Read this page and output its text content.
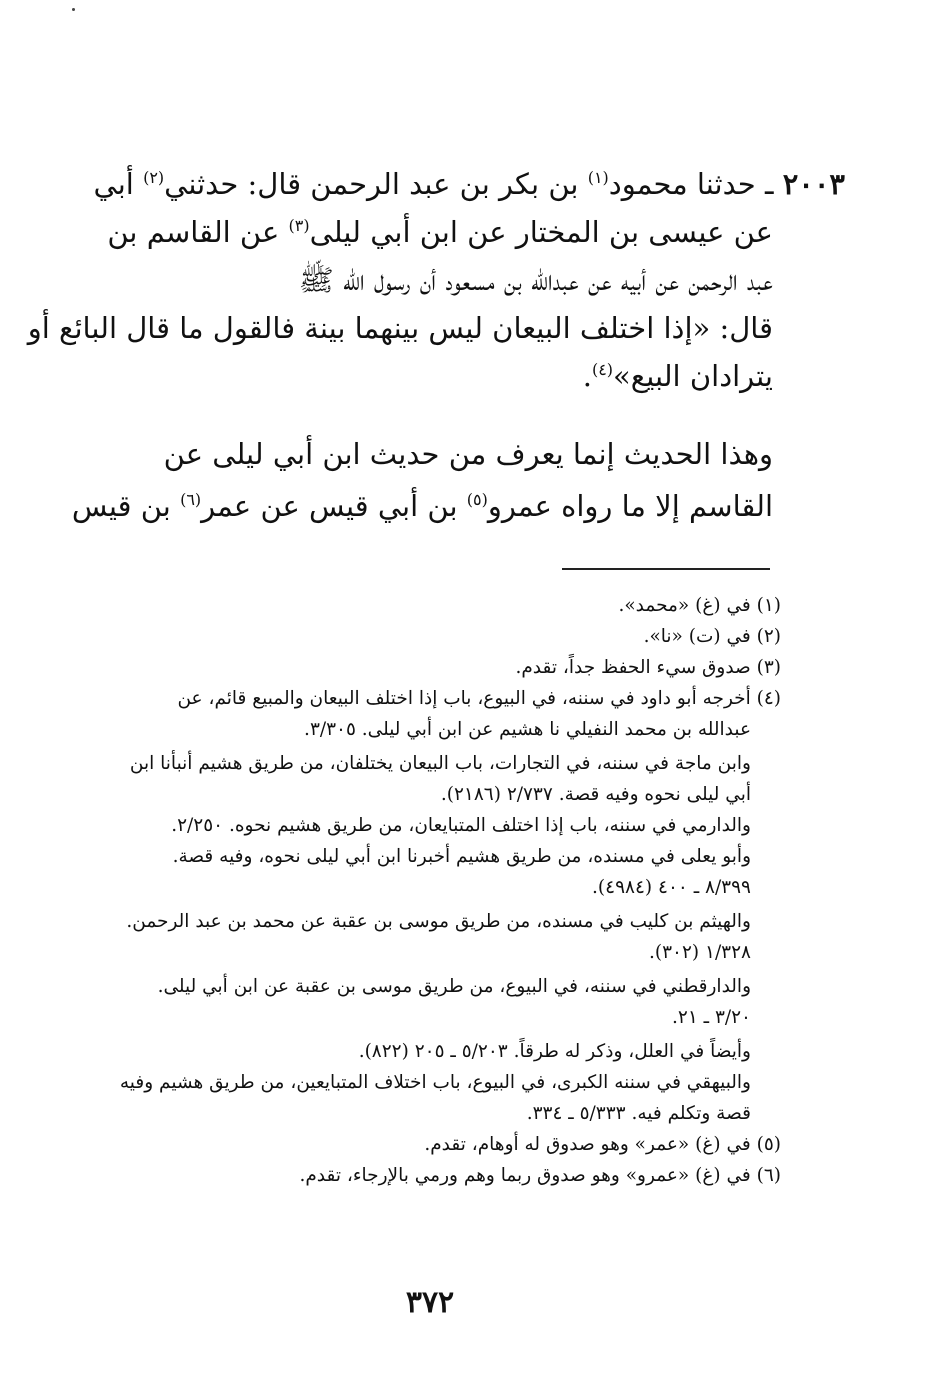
٢٠٠٣ ـ حدثنا محمود$^{(١)}$ بن بكر بن عبد الرحمن قال: حدثني$^{(٢)}$ أبي
عن عيسى بن المختار عن ابن أبي ليلى$^{(٣)}$ عن القاسم بن
عبد الرحمن عن أبيه عن عبدالله بن مسعود أن رسول الله ﷺ
قال: «إذا اختلف البيعان ليس بينهما بينة فالقول ما قال البائع أو
يترادان البيع»$^{(٤)}$.
وهذا الحديث إنما يعرف من حديث ابن أبي ليلى عن
القاسم إلا ما رواه عمرو$^{(٥)}$ بن أبي قيس عن عمر$^{(٦)}$ بن قيس
(١) في (غ) «محمد».
(٢) في (ت) «نا».
(٣) صدوق سيء الحفظ جداً، تقدم.
(٤) أخرجه أبو داود في سننه، في البيوع، باب إذا اختلف البيعان والمبيع قائم، عن
عبدالله بن محمد النفيلي نا هشيم عن ابن أبي ليلى. ٣/٣٠٥.
وابن ماجة في سننه، في التجارات، باب البيعان يختلفان، من طريق هشيم أنبأنا ابن
أبي ليلى نحوه وفيه قصة. ٢/٧٣٧ (٢١٨٦).
والدارمي في سننه، باب إذا اختلف المتبايعان، من طريق هشيم نحوه. ٢/٢٥٠.
وأبو يعلى في مسنده، من طريق هشيم أخبرنا ابن أبي ليلى نحوه، وفيه قصة.
٨/٣٩٩ ـ ٤٠٠ (٤٩٨٤).
والهيثم بن كليب في مسنده، من طريق موسى بن عقبة عن محمد بن عبد الرحمن.
١/٣٢٨ (٣٠٢).
والدارقطني في سننه، في البيوع، من طريق موسى بن عقبة عن ابن أبي ليلى.
٣/٢٠ ـ ٢١.
وأيضاً في العلل، وذكر له طرقاً. ٥/٢٠٣ ـ ٢٠٥ (٨٢٢).
والبيهقي في سننه الكبرى، في البيوع، باب اختلاف المتبايعين، من طريق هشيم وفيه
قصة وتكلم فيه. ٥/٣٣٣ ـ ٣٣٤.
(٥) في (غ) «عمر» وهو صدوق له أوهام، تقدم.
(٦) في (غ) «عمرو» وهو صدوق ربما وهم ورمي بالإرجاء، تقدم.
٣٧٢
